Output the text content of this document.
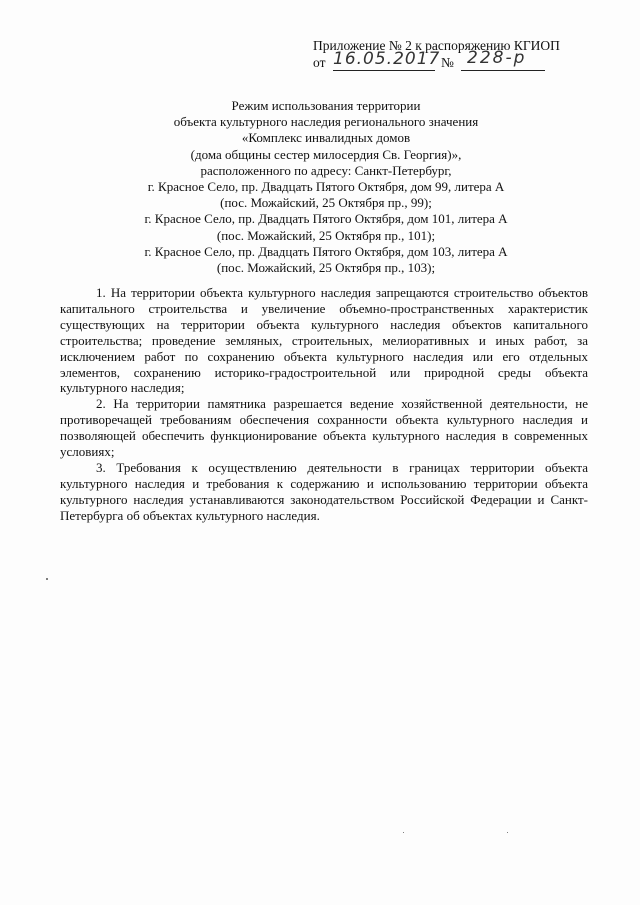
Приложение № 2 к распоряжению КГИОП
от 16.05.2017 № 228-р
Режим использования территории
объекта культурного наследия регионального значения
«Комплекс инвалидных домов
(дома общины сестер милосердия Св. Георгия)»,
расположенного по адресу: Санкт-Петербург,
г. Красное Село, пр. Двадцать Пятого Октября, дом 99, литера А
(пос. Можайский, 25 Октября пр., 99);
г. Красное Село, пр. Двадцать Пятого Октября, дом 101, литера А
(пос. Можайский, 25 Октября пр., 101);
г. Красное Село, пр. Двадцать Пятого Октября, дом 103, литера А
(пос. Можайский, 25 Октября пр., 103);

1. На территории объекта культурного наследия запрещаются строительство объектов капитального строительства и увеличение объемно-пространственных характеристик существующих на территории объекта культурного наследия объектов капитального строительства; проведение земляных, строительных, мелиоративных и иных работ, за исключением работ по сохранению объекта культурного наследия или его отдельных элементов, сохранению историко-градостроительной или природной среды объекта культурного наследия;

2. На территории памятника разрешается ведение хозяйственной деятельности, не противоречащей требованиям обеспечения сохранности объекта культурного наследия и позволяющей обеспечить функционирование объекта культурного наследия в современных условиях;

3. Требования к осуществлению деятельности в границах территории объекта культурного наследия и требования к содержанию и использованию территории объекта культурного наследия устанавливаются законодательством Российской Федерации и Санкт-Петербурга об объектах культурного наследия.
